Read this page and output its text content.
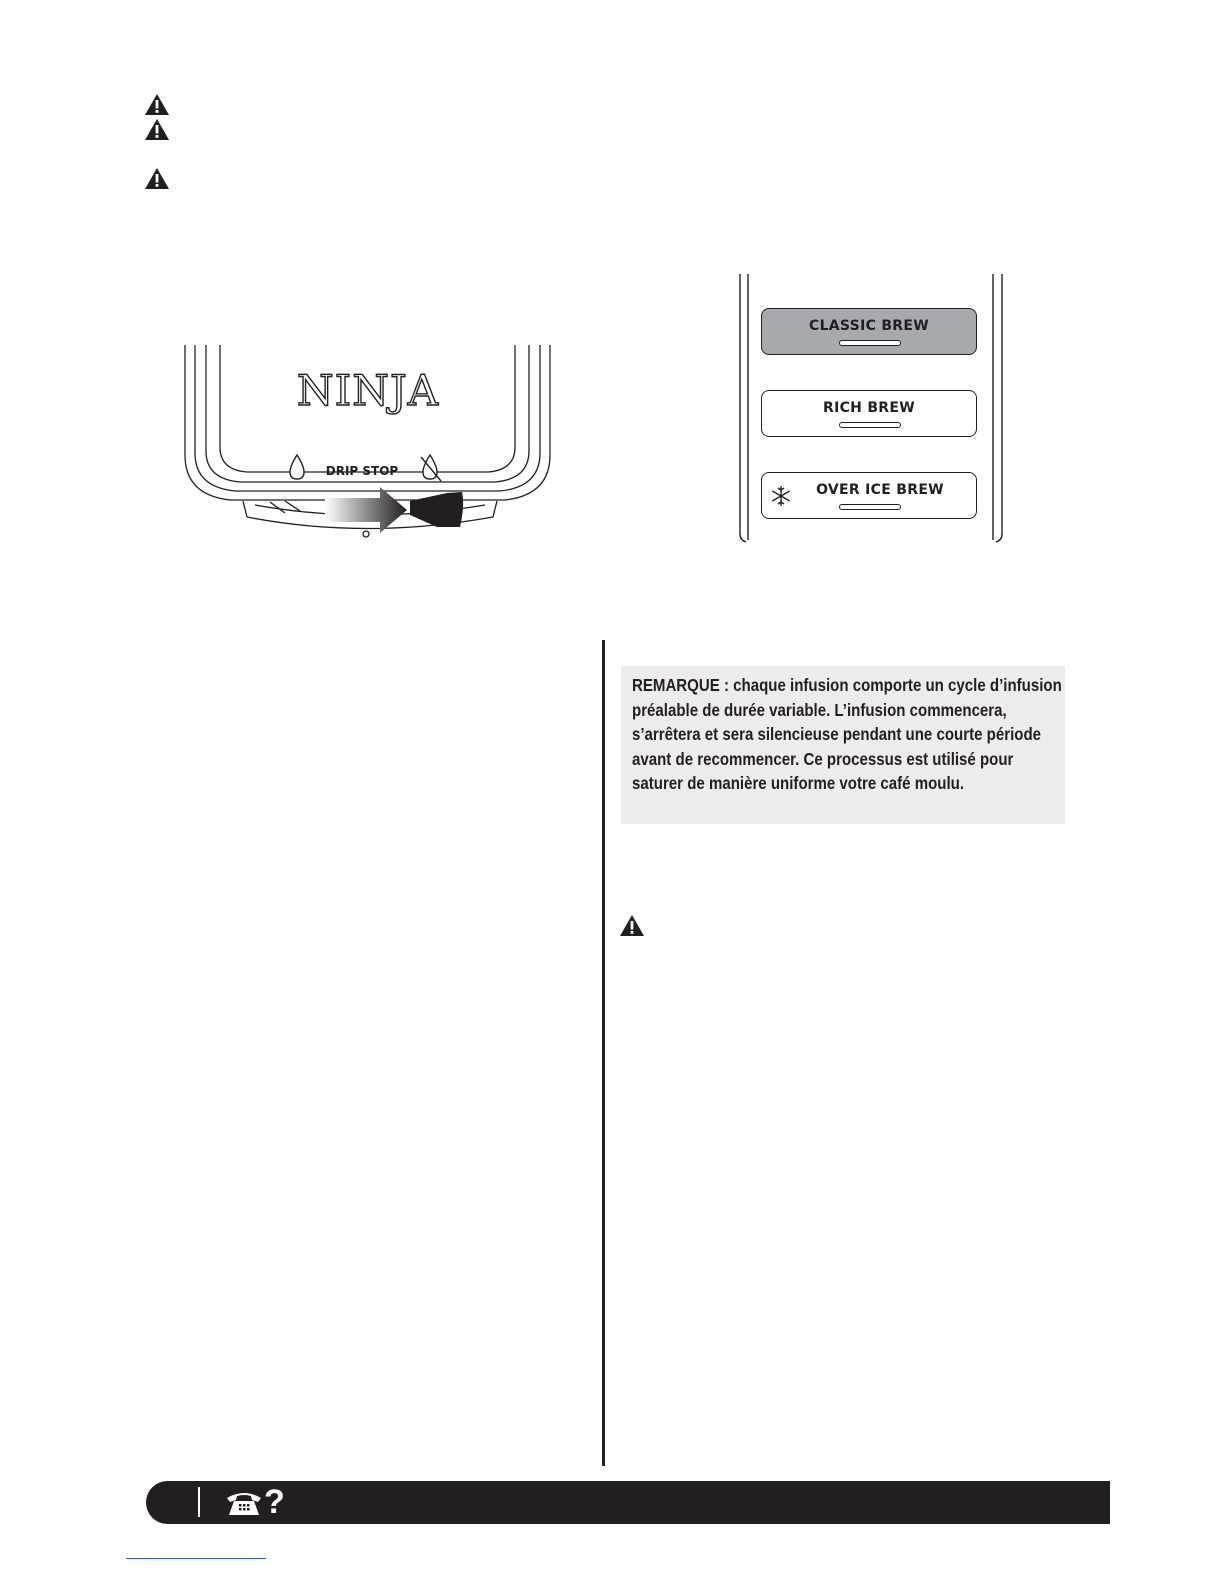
NINJA
DRIP STOP
CLASSIC BREW
RICH BREW
OVER ICE BREW

REMARQUE : chaque infusion comporte un cycle d’infusion préalable de durée variable. L’infusion commencera, s’arrêtera et sera silencieuse pendant une courte période avant de recommencer. Ce processus est utilisé pour saturer de manière uniforme votre café moulu.

?
